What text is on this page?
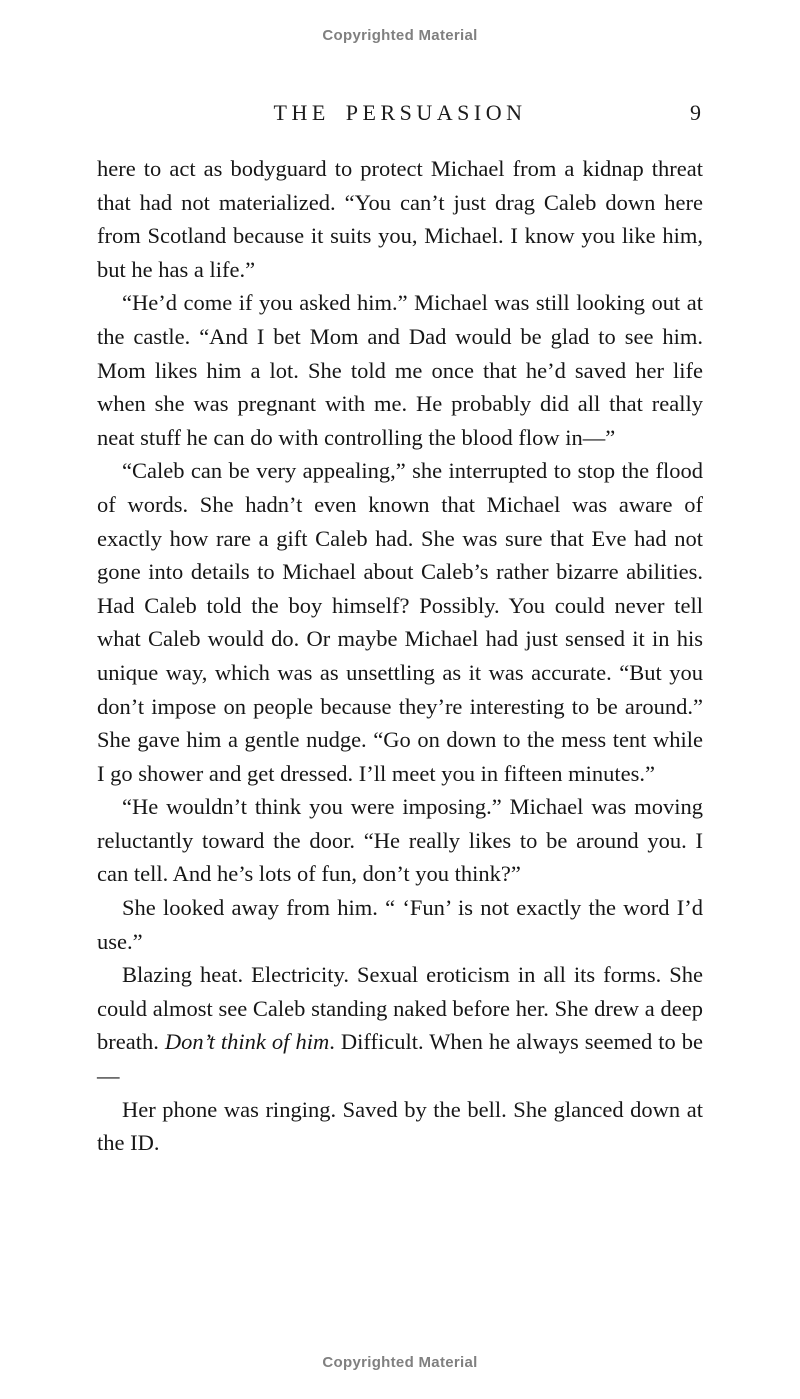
Copyrighted Material
THE PERSUASION	9

here to act as bodyguard to protect Michael from a kidnap threat that had not materialized. “You can’t just drag Caleb down here from Scotland because it suits you, Michael. I know you like him, but he has a life.”

“He’d come if you asked him.” Michael was still looking out at the castle. “And I bet Mom and Dad would be glad to see him. Mom likes him a lot. She told me once that he’d saved her life when she was pregnant with me. He probably did all that really neat stuff he can do with controlling the blood flow in—”

“Caleb can be very appealing,” she interrupted to stop the flood of words. She hadn’t even known that Michael was aware of exactly how rare a gift Caleb had. She was sure that Eve had not gone into details to Michael about Caleb’s rather bizarre abilities. Had Caleb told the boy himself? Possibly. You could never tell what Caleb would do. Or maybe Michael had just sensed it in his unique way, which was as unsettling as it was accurate. “But you don’t impose on people because they’re interesting to be around.” She gave him a gentle nudge. “Go on down to the mess tent while I go shower and get dressed. I’ll meet you in fifteen minutes.”

“He wouldn’t think you were imposing.” Michael was moving reluctantly toward the door. “He really likes to be around you. I can tell. And he’s lots of fun, don’t you think?”

She looked away from him. “ ‘Fun’ is not exactly the word I’d use.”

Blazing heat. Electricity. Sexual eroticism in all its forms. She could almost see Caleb standing naked before her. She drew a deep breath. Don’t think of him. Difficult. When he always seemed to be—

Her phone was ringing. Saved by the bell. She glanced down at the ID.

Copyrighted Material
